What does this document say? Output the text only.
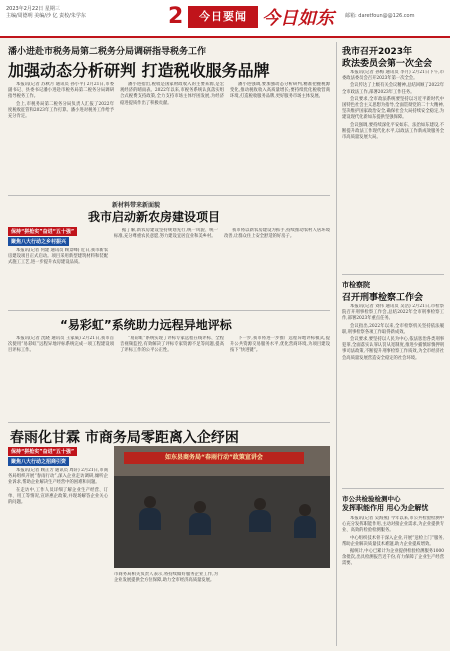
2023年2月22日 星期三
主编/周德明 美编/沙 亿 责校/朱学东	2	今日要闻 今日如东 邮箱: daretfoun@@126.com
潘小进赴市税务局第二税务分局调研指导税务工作
加强动态分析研判 打造税收服务品牌

本报讯(记者 苏秋月 通讯员 孙小平) 2月21日,市委副书记、县委书记潘小进赴市税务局第二税务分局调研指导税务工作。

会上,市税务局第二税务分局负责人汇报了2022年度税收征管和2023年工作打算。潘小进对税务工作给予充分肯定。

潘小进指出,税收是国家财政收入的主要来源,是宏观经济的晴雨表。2022年以来,市税务系统认真落实组合式税费支持政策,全力支持市场主体纾困发展,为经济稳进提质作出了积极贡献。

潘小进强调,要加强动态分析研判,精准把握税源变化,推动税收收入高质量增长;要持续优化税收营商环境,打造税收服务品牌,更好服务市场主体发展。

新材料带来新面貌
我市启动新农房建设项目
保持“拼抢实”奋进“五十强”
聚焦八大行动之乡村振兴

本报讯(记者 何建 通讯员 顾景峰) 近日,我市新农房建设项目正式启动。项目采用新型建筑材料和装配式施工工艺,进一步提升农房建设品质。

据了解,新农房建设坚持规划先行,统一风貌、统一标准,充分尊重农民意愿,努力建设宜居宜业和美乡村。

我市将以新农房建设为抓手,持续推动农村人居环境改善,让群众住上安全舒适的好房子。

“易彩虹”系统助力远程异地评标

本报讯(记者 沈晓 通讯员 王家威) 2月21日,我市首次使用“易彩虹”远程异地评标系统完成一项工程建设项目评标工作。

“易彩虹”系统实现了评标专家远程在线评标、全程音视频监控,有效解决了评标专家资源不足等问题,提高了评标工作的公平公正性。

下一步,我市将进一步推广远程异地评标模式,提升公共资源交易服务水平,优化营商环境,为项目建设按下“快进键”。

春雨化甘霖 市商务局零距离入企纾困
保持“拼抢实”奋进“五十强”
聚焦八大行动之招商引资

本报讯(记者 顾正芳 通讯员 周轩) 2月21日,市商务局组织开展“春雨行动”,深入企业走访调研,倾听企业诉求,帮助企业解决生产经营中的困难和问题。

在走访中,工作人员详细了解企业生产经营、订单、用工等情况,宣讲惠企政策,并现场解答企业关心的问题。

如东县商务局“春雨行动”政策宣讲会
市商务局相关负责人表示,将持续做好服务企业工作,为企业发展提供全方位保障,助力全市经济高质量发展。
我市召开2023年
政法委员会第一次全会

本报讯(记者 孙梅 通讯员 李月) 2月21日下午,市委政法委员会召开2023年第一次全会。

会议传达了上级有关会议精神,总结回顾了2022年全市政法工作,部署2023年工作任务。

会议要求,全市政法系统要坚持以习近平新时代中国特色社会主义思想为指导,全面贯彻党的二十大精神,坚决维护国家政治安全,确保社会大局持续安全稳定,为建设现代化新如东提供坚强保障。

会议强调,要持续深化平安如东、法治如东建设,不断提升政法工作现代化水平,以政法工作新成效服务全市高质量发展大局。

市检察院
召开刑事检察工作会

本报讯(记者 刘伟 通讯员 吴浩) 2月21日,市检察院召开刑事检察工作会,总结2022年全市刑事检察工作,部署2023年重点任务。

会议指出,2022年以来,全市检察机关坚持依法履职,刑事检察各项工作取得新成效。

会议要求,要坚持以人民为中心,依法惩治各类刑事犯罪,全面落实认罪认罚从宽制度,推进少捕慎诉慎押刑事司法政策,不断提升刑事检察工作质效,为全市经济社会高质量发展营造安全稳定的社会环境。

市公共检验检测中心
发挥职能作用 用心为企解忧

本报讯(记者 吴海燕) 今年以来,市公共检验检测中心充分发挥职能作用,主动对接企业需求,为企业提供专业、高效的检验检测服务。

中心组织技术骨干深入企业,开展“送检上门”服务,帮助企业解决质量技术难题,助力企业提质增效。

据统计,中心已累计为企业提供检验检测服务1000余批次,出具检测报告近千份,有力保障了企业生产经营需要。
